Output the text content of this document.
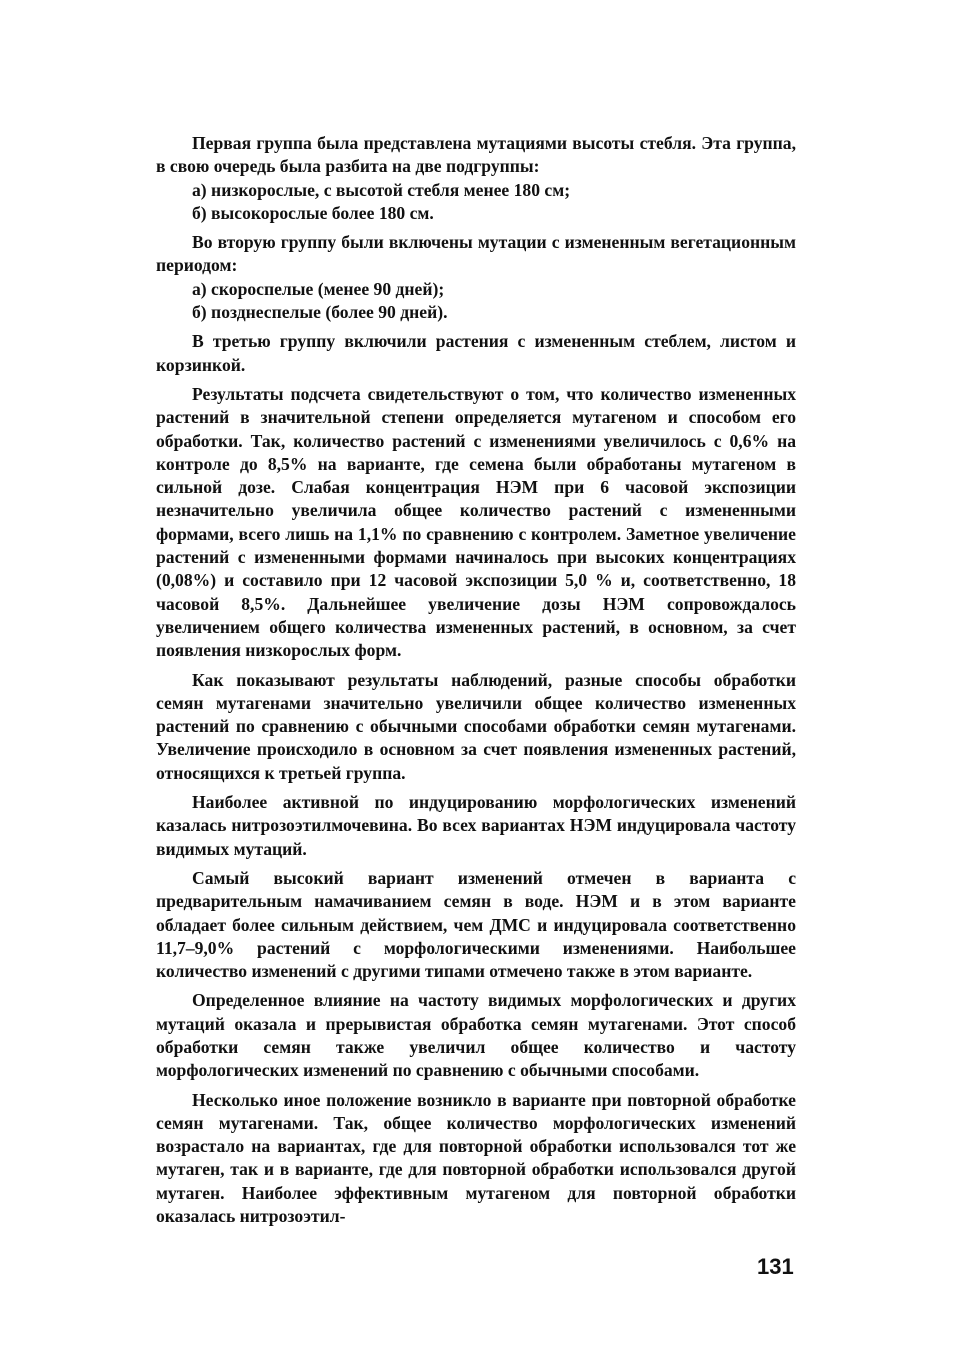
Первая группа была представлена мутациями высоты стебля. Эта группа, в свою очередь была разбита на две подгруппы:

а) низкорослые, с высотой стебля менее 180 см;

б) высокорослые более 180 см.

Во вторую группу были включены мутации с измененным вегетационным периодом:

а) скороспелые (менее 90 дней);

б) позднеспелые (более 90 дней).

В третью группу включили растения с измененным стеблем, листом и корзинкой.

Результаты подсчета свидетельствуют о том, что количество измененных растений в значительной степени определяется мутагеном и способом его обработки. Так, количество растений с изменениями увеличилось с 0,6% на контроле до 8,5% на варианте, где семена были обработаны мутагеном в сильной дозе. Слабая концентрация НЭМ при 6 часовой экспозиции незначительно увеличила общее количество растений с измененными формами, всего лишь на 1,1% по сравнению с контролем. Заметное увеличение растений с измененными формами начиналось при высоких концентрациях (0,08%) и составило при 12 часовой экспозиции 5,0 % и, соответственно, 18 часовой 8,5%. Дальнейшее увеличение дозы НЭМ сопровождалось увеличением общего количества измененных растений, в основном, за счет появления низкорослых форм.

Как показывают результаты наблюдений, разные способы обработки семян мутагенами значительно увеличили общее количество измененных растений по сравнению с обычными способами обработки семян мутагенами. Увеличение происходило в основном за счет появления измененных растений, относящихся к третьей группа.

Наиболее активной по индуцированию морфологических изменений казалась нитрозоэтилмочевина. Во всех вариантах НЭМ индуцировала частоту видимых мутаций.

Самый высокий вариант изменений отмечен в варианта с предварительным намачиванием семян в воде. НЭМ и в этом варианте обладает более сильным действием, чем ДМС и индуцировала соответственно 11,7–9,0% растений с морфологическими изменениями. Наибольшее количество изменений с другими типами отмечено также в этом варианте.

Определенное влияние на частоту видимых морфологических и других мутаций оказала и прерывистая обработка семян мутагенами. Этот способ обработки семян также увеличил общее количество и частоту морфологических изменений по сравнению с обычными способами.

Несколько иное положение возникло в варианте при повторной обработке семян мутагенами. Так, общее количество морфологических изменений возрастало на вариантах, где для повторной обработки использовался тот же мутаген, так и в варианте, где для повторной обработки использовался другой мутаген. Наиболее эффективным мутагеном для повторной обработки оказалась нитрозоэтил-

131
